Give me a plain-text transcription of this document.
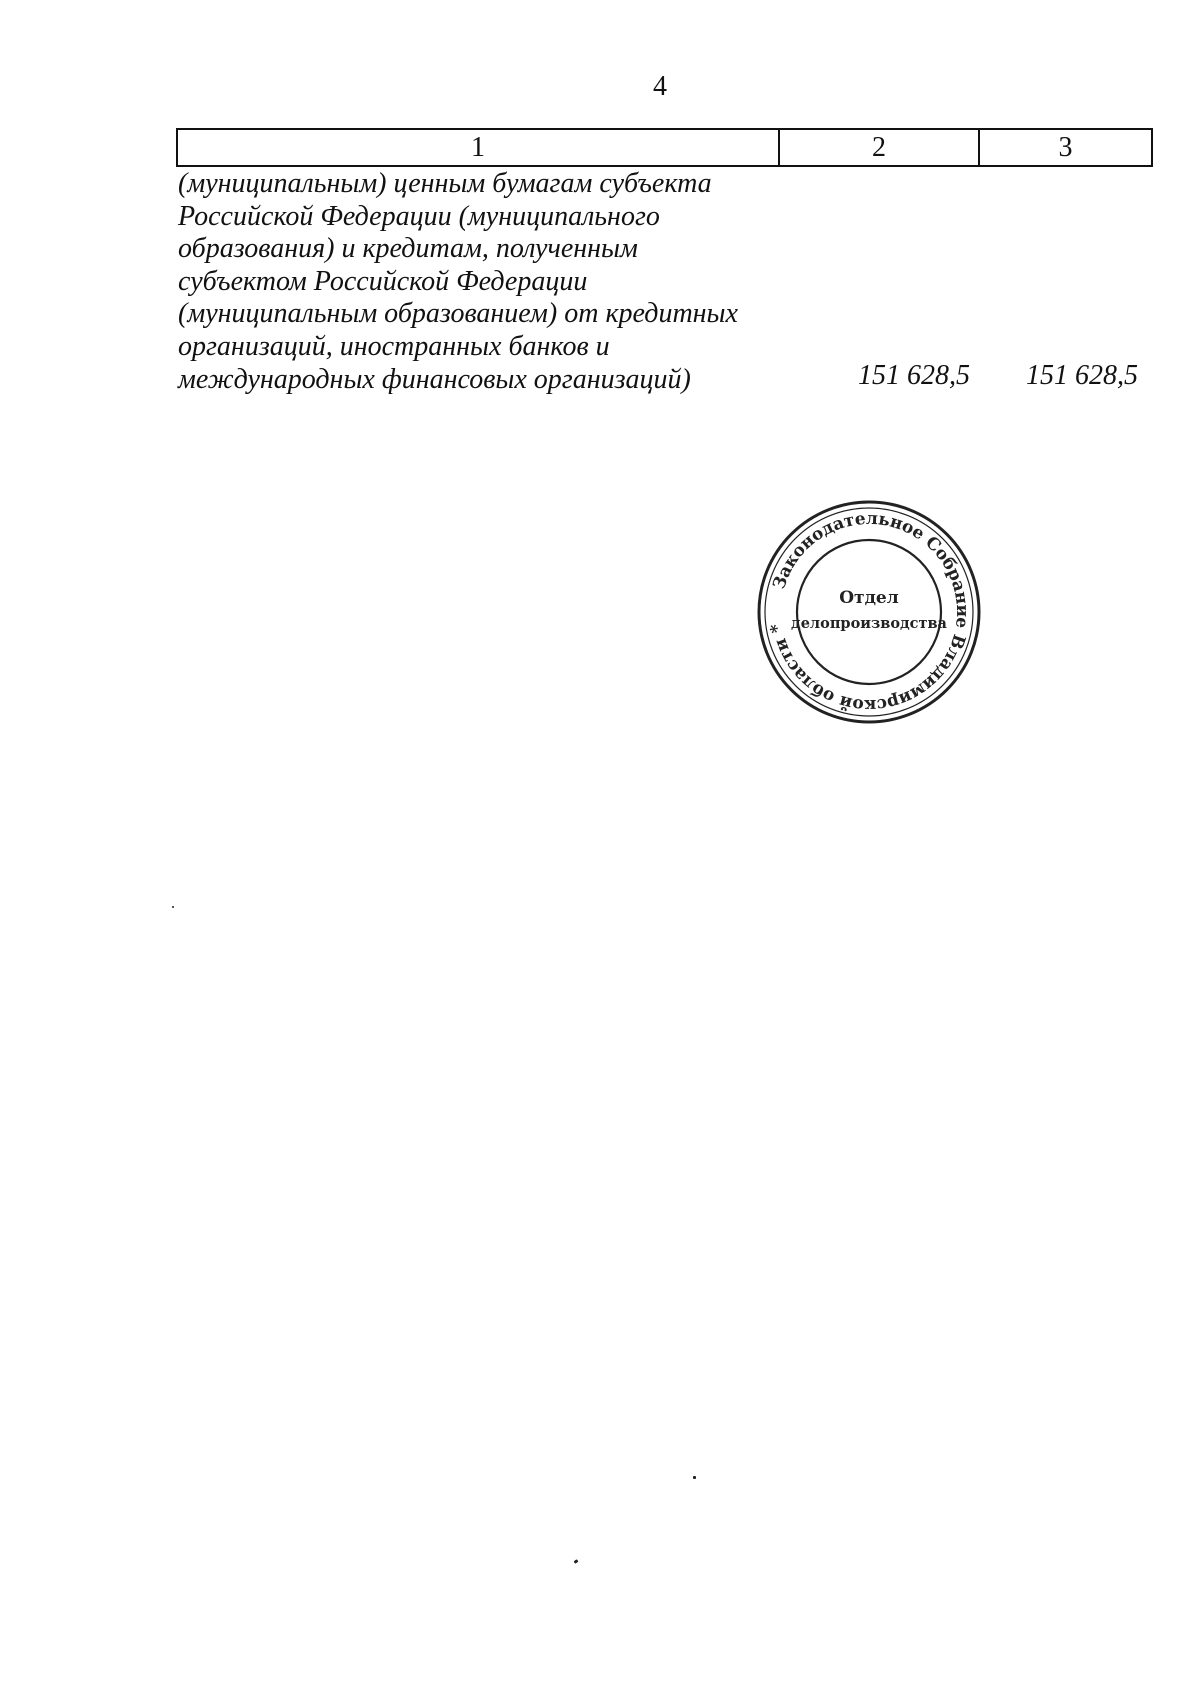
4
1	2	3

(муниципальным) ценным бумагам субъекта
Российской Федерации (муниципального
образования) и кредитам, полученным
субъектом Российской Федерации
(муниципальным образованием) от кредитных
организаций, иностранных банков и
международных финансовых организаций)	151 628,5	151 628,5
Законодательное Собрание Владимирской области *
Отдел
делопроизводства
